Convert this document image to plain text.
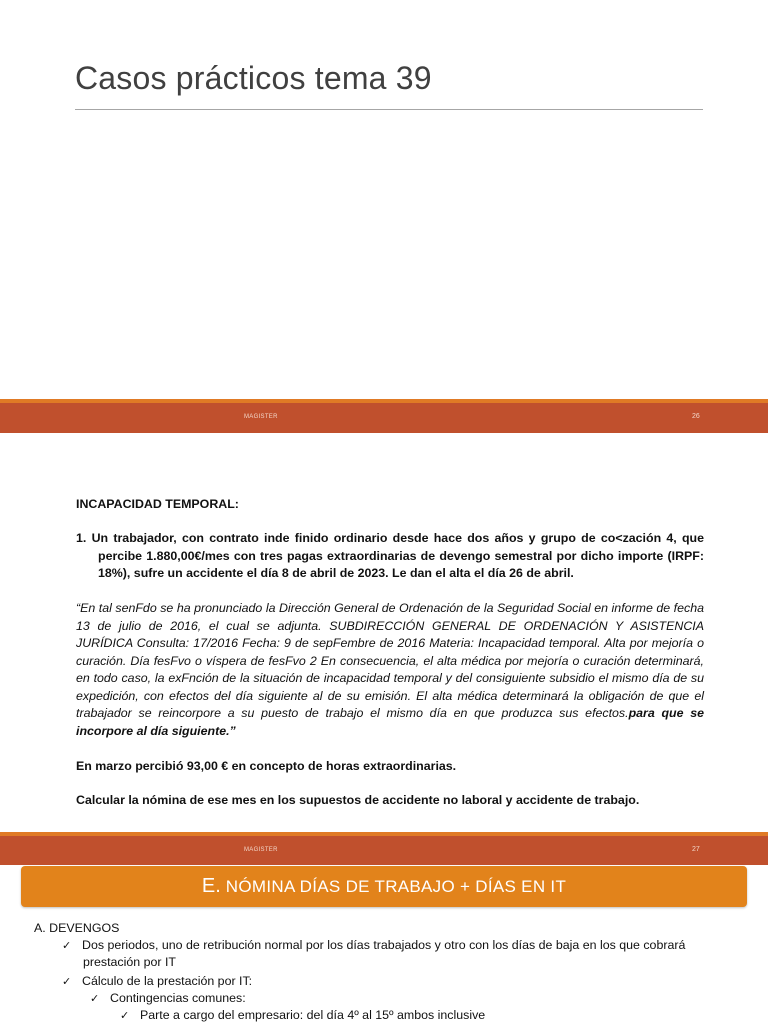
Casos prácticos tema 39
MAGISTER	26
INCAPACIDAD TEMPORAL:
1. Un trabajador, con contrato inde finido ordinario desde hace dos años y grupo de co<zación 4, que percibe 1.880,00€/mes con tres pagas extraordinarias de devengo semestral por dicho importe (IRPF: 18%), sufre un accidente el día 8 de abril de 2023. Le dan el alta el día 26 de abril.
“En tal senFdo se ha pronunciado la Dirección General de Ordenación de la Seguridad Social en informe de fecha 13 de julio de 2016, el cual se adjunta. SUBDIRECCIÓN GENERAL DE ORDENACIÓN Y ASISTENCIA JURÍDICA Consulta: 17/2016 Fecha: 9 de sepFembre de 2016 Materia: Incapacidad temporal. Alta por mejoría o curación. Día fesFvo o víspera de fesFvo 2 En consecuencia, el alta médica por mejoría o curación determinará, en todo caso, la exFnción de la situación de incapacidad temporal y del consiguiente subsidio el mismo día de su expedición, con efectos del día siguiente al de su emisión. El alta médica determinará la obligación de que el trabajador se reincorpore a su puesto de trabajo el mismo día en que produzca sus efectos.para que se incorpore al día siguiente.”
En marzo percibió 93,00 € en concepto de horas extraordinarias.
Calcular la nómina de ese mes en los supuestos de accidente no laboral y accidente de trabajo.
MAGISTER	27
E. NÓMINA DÍAS DE TRABAJO + DÍAS EN IT
A. DEVENGOS
✓ Dos periodos, uno de retribución normal por los días trabajados y otro con los días de baja en los que cobrará
prestación por IT
✓ Cálculo de la prestación por IT:
✓ Contingencias comunes:
✓ Parte a cargo del empresario: del día 4º al 15º ambos inclusive
